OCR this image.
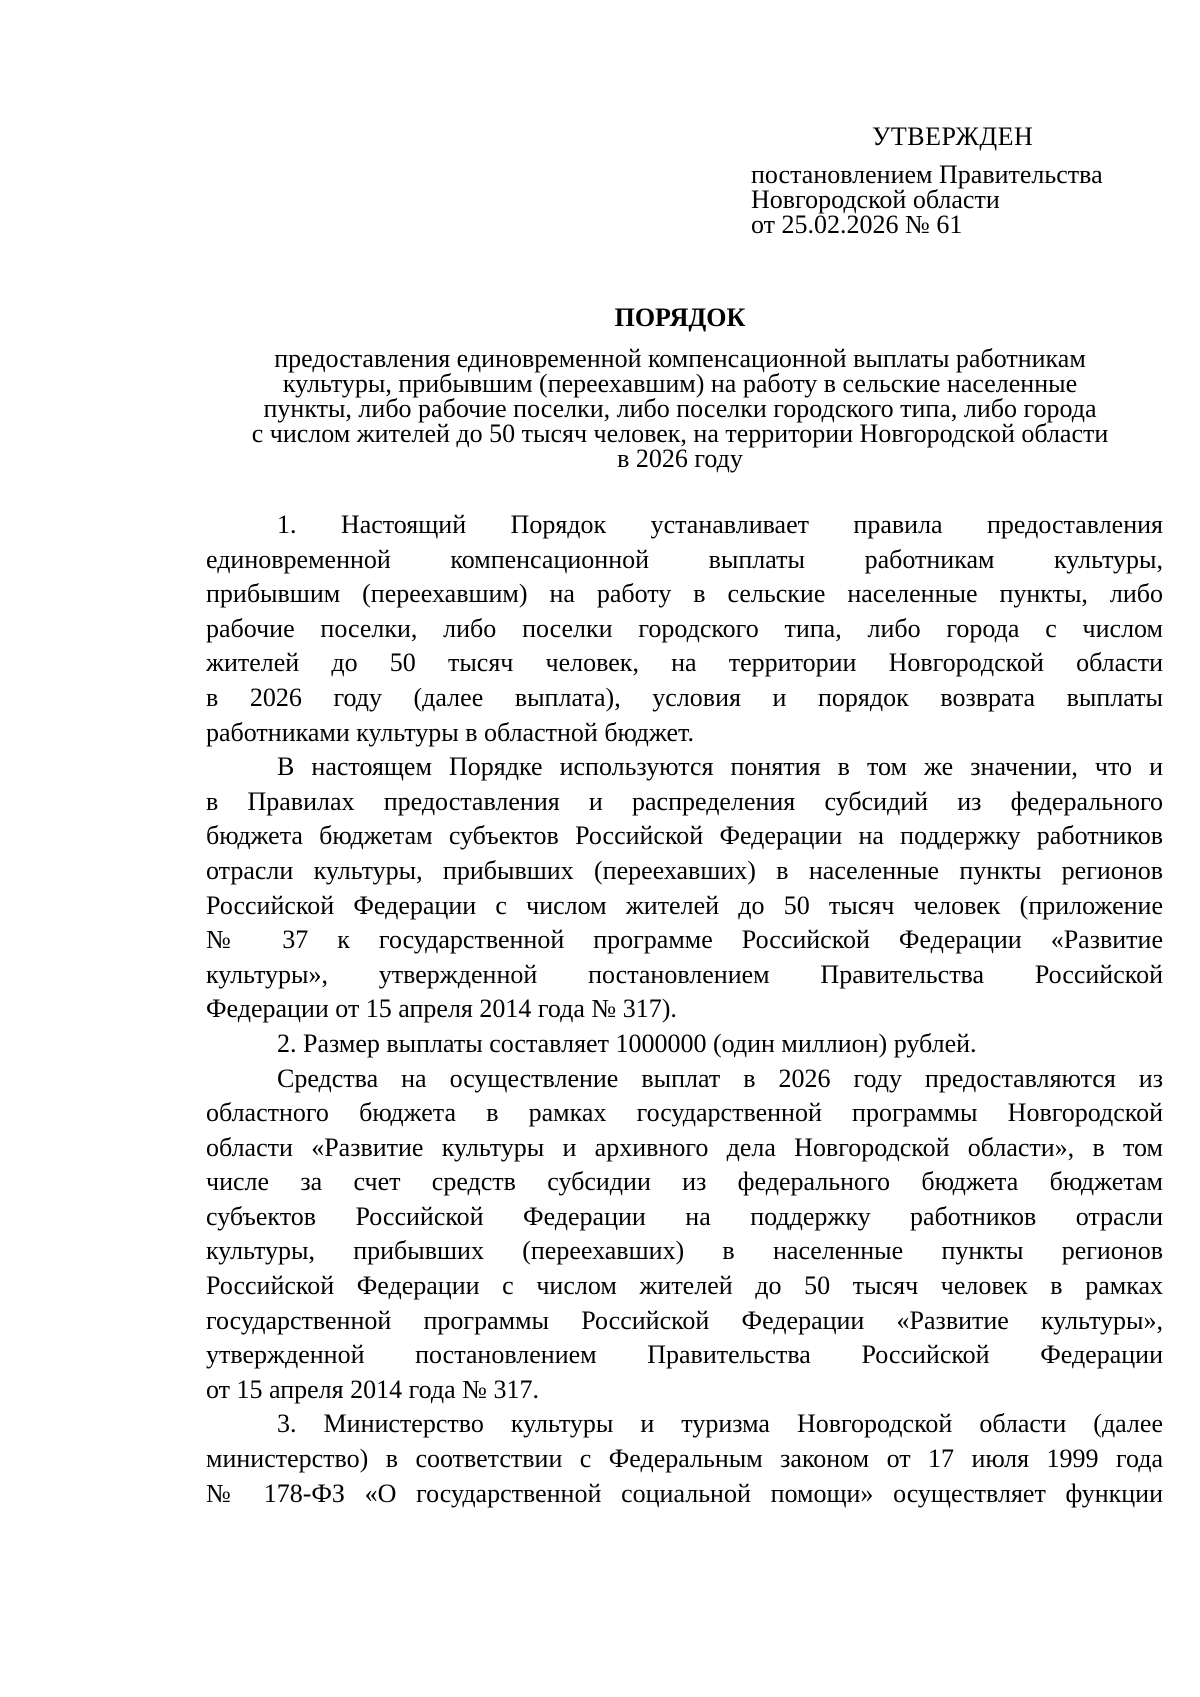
УТВЕРЖДЕН
постановлением Правительства
Новгородской области
от 25.02.2026 № 61
ПОРЯДОК
предоставления единовременной компенсационной выплаты работникам
культуры, прибывшим (переехавшим) на работу в сельские населенные
пункты, либо рабочие поселки, либо поселки городского типа, либо города
с числом жителей до 50 тысяч человек, на территории Новгородской области
в 2026 году
1. Настоящий Порядок устанавливает правила предоставления
единовременной компенсационной выплаты работникам культуры,
прибывшим (переехавшим) на работу в сельские населенные пункты, либо
рабочие поселки, либо поселки городского типа, либо города с числом
жителей до 50 тысяч человек, на территории Новгородской области
в 2026 году (далее выплата), условия и порядок возврата выплаты
работниками культуры в областной бюджет.
В настоящем Порядке используются понятия в том же значении, что и
в Правилах предоставления и распределения субсидий из федерального
бюджета бюджетам субъектов Российской Федерации на поддержку работников
отрасли культуры, прибывших (переехавших) в населенные пункты регионов
Российской Федерации с числом жителей до 50 тысяч человек (приложение
№ 37 к государственной программе Российской Федерации «Развитие
культуры», утвержденной постановлением Правительства Российской
Федерации от 15 апреля 2014 года № 317).
2. Размер выплаты составляет 1000000 (один миллион) рублей.
Средства на осуществление выплат в 2026 году предоставляются из
областного бюджета в рамках государственной программы Новгородской
области «Развитие культуры и архивного дела Новгородской области», в том
числе за счет средств субсидии из федерального бюджета бюджетам
субъектов Российской Федерации на поддержку работников отрасли
культуры, прибывших (переехавших) в населенные пункты регионов
Российской Федерации с числом жителей до 50 тысяч человек в рамках
государственной программы Российской Федерации «Развитие культуры»,
утвержденной постановлением Правительства Российской Федерации
от 15 апреля 2014 года № 317.
3. Министерство культуры и туризма Новгородской области (далее
министерство) в соответствии с Федеральным законом от 17 июля 1999 года
№ 178-ФЗ «О государственной социальной помощи» осуществляет функции
